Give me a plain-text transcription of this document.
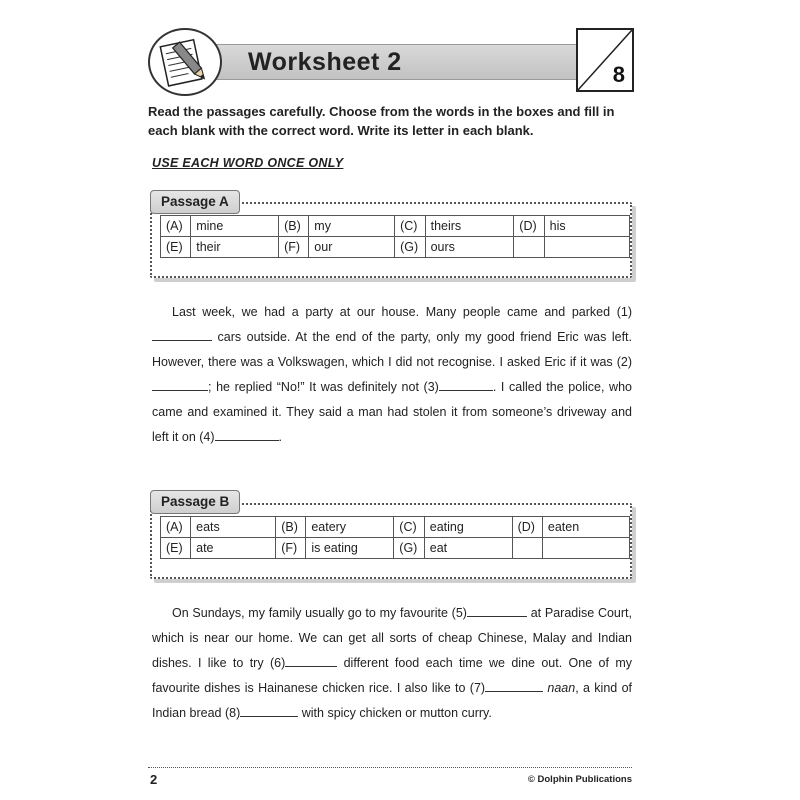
Worksheet 2	8
Read the passages carefully. Choose from the words in the boxes and fill in each blank with the correct word. Write its letter in each blank.
USE EACH WORD ONCE ONLY
(A)	mine	(B)	my	(C)	theirs	(D)	his
(E)	their	(F)	our	(G)	ours		
Passage A

Last week, we had a party at our house. Many people came and parked (1) cars outside. At the end of the party, only my good friend Eric was left. However, there was a Volkswagen, which I did not recognise. I asked Eric if it was (2); he replied “No!” It was definitely not (3)	. I called the police, who came and examined it. They said a man had stolen it from someone’s driveway and left it on (4)	.

(A)	eats	(B)	eatery	(C)	eating	(D)	eaten
(E)	ate	(F)	is eating	(G)	eat		
Passage B

On Sundays, my family usually go to my favourite (5)	at Paradise Court, which is near our home. We can get all sorts of cheap Chinese, Malay and Indian dishes. I like to try (6)	different food each time we dine out. One of my favourite dishes is Hainanese chicken rice. I also like to (7)	naan, a kind of Indian bread (8)	with spicy chicken or mutton curry.

2	© Dolphin Publications
